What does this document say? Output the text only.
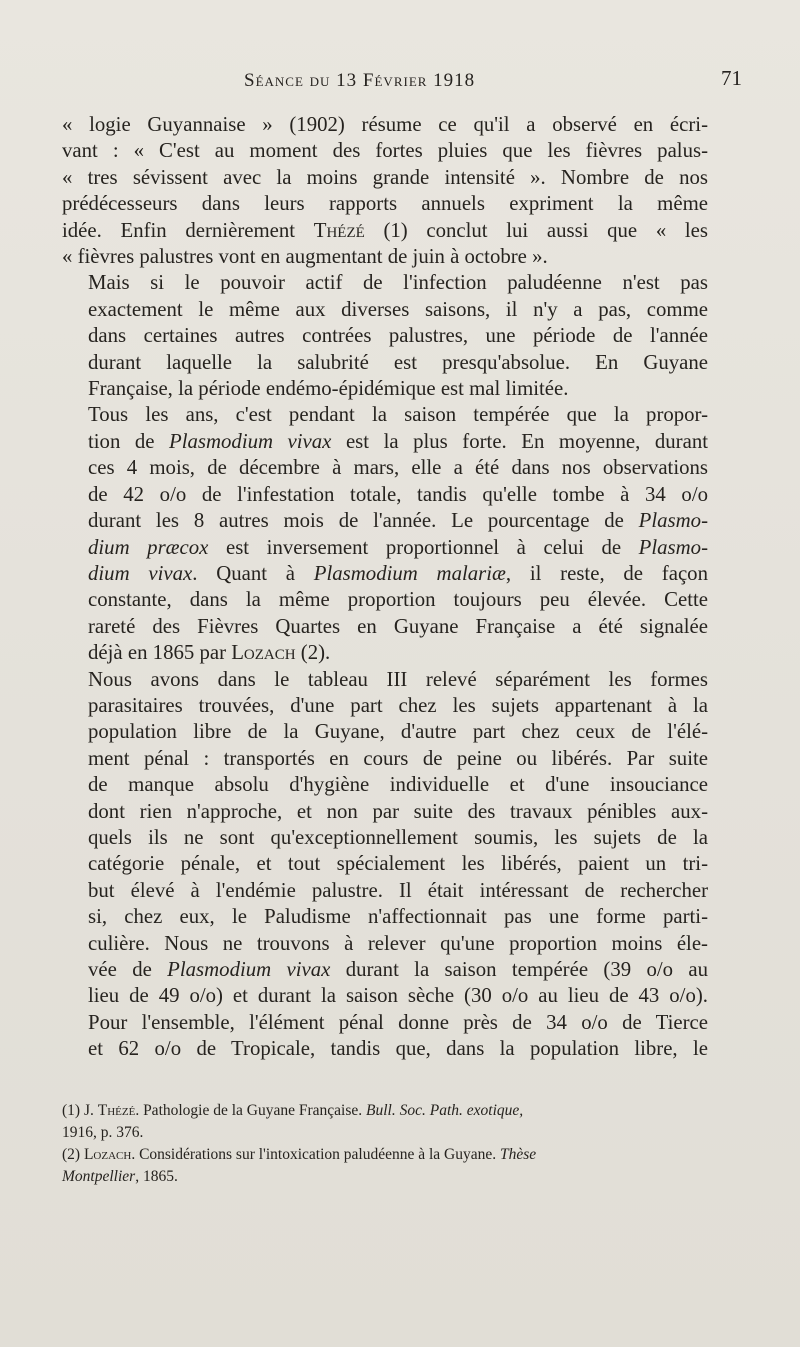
Séance du 13 Février 1918	71

« logie Guyannaise » (1902) résume ce qu'il a observé en écri-
vant : « C'est au moment des fortes pluies que les fièvres palus-
« tres sévissent avec la moins grande intensité ». Nombre de nos
prédécesseurs dans leurs rapports annuels expriment la même
idée. Enfin dernièrement Thézé (1) conclut lui aussi que « les
« fièvres palustres vont en augmentant de juin à octobre ».

Mais si le pouvoir actif de l'infection paludéenne n'est pas
exactement le même aux diverses saisons, il n'y a pas, comme
dans certaines autres contrées palustres, une période de l'année
durant laquelle la salubrité est presqu'absolue. En Guyane
Française, la période endémo-épidémique est mal limitée.

Tous les ans, c'est pendant la saison tempérée que la propor-
tion de Plasmodium vivax est la plus forte. En moyenne, durant
ces 4 mois, de décembre à mars, elle a été dans nos observations
de 42 o/o de l'infestation totale, tandis qu'elle tombe à 34 o/o
durant les 8 autres mois de l'année. Le pourcentage de Plasmo-
dium præcox est inversement proportionnel à celui de Plasmo-
dium vivax. Quant à Plasmodium malariæ, il reste, de façon
constante, dans la même proportion toujours peu élevée. Cette
rareté des Fièvres Quartes en Guyane Française a été signalée
déjà en 1865 par Lozach (2).

Nous avons dans le tableau III relevé séparément les formes
parasitaires trouvées, d'une part chez les sujets appartenant à la
population libre de la Guyane, d'autre part chez ceux de l'élé-
ment pénal : transportés en cours de peine ou libérés. Par suite
de manque absolu d'hygiène individuelle et d'une insouciance
dont rien n'approche, et non par suite des travaux pénibles aux-
quels ils ne sont qu'exceptionnellement soumis, les sujets de la
catégorie pénale, et tout spécialement les libérés, paient un tri-
but élevé à l'endémie palustre. Il était intéressant de rechercher
si, chez eux, le Paludisme n'affectionnait pas une forme parti-
culière. Nous ne trouvons à relever qu'une proportion moins éle-
vée de Plasmodium vivax durant la saison tempérée (39 o/o au
lieu de 49 o/o) et durant la saison sèche (30 o/o au lieu de 43 o/o).
Pour l'ensemble, l'élément pénal donne près de 34 o/o de Tierce
et 62 o/o de Tropicale, tandis que, dans la population libre, le

(1) J. Thézé. Pathologie de la Guyane Française. Bull. Soc. Path. exotique,
1916, p. 376.

(2) Lozach. Considérations sur l'intoxication paludéenne à la Guyane. Thèse
Montpellier, 1865.
